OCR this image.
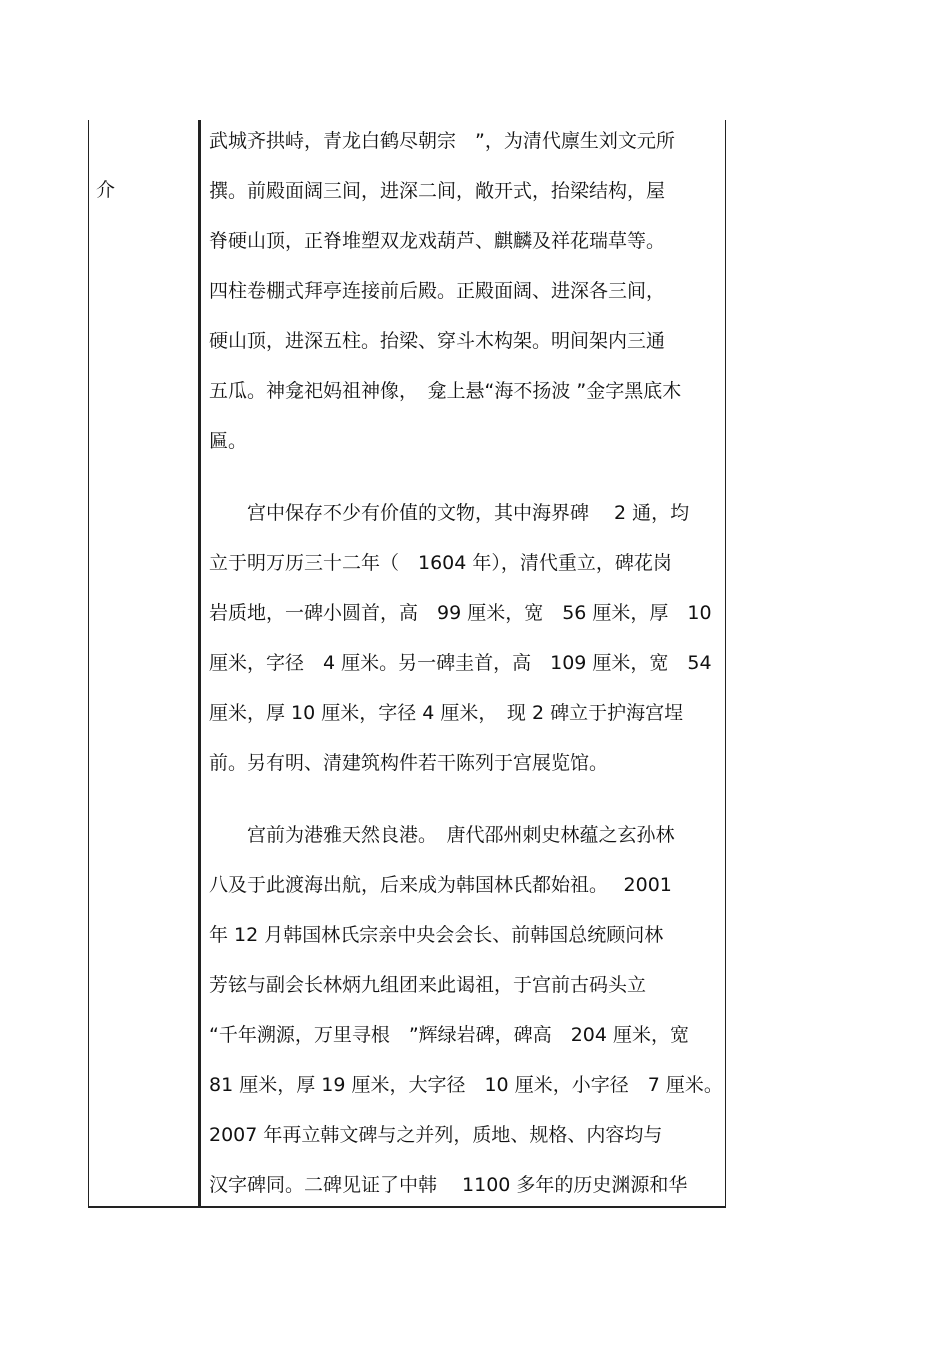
介
武城齐拱峙，青龙白鹤尽朝宗　”，为清代廪生刘文元所
撰。前殿面阔三间，进深二间，敞开式，抬梁结构，屋
脊硬山顶，正脊堆塑双龙戏葫芦、麒麟及祥花瑞草等。
四柱卷棚式拜亭连接前后殿。正殿面阔、进深各三间，
硬山顶，进深五柱。抬梁、穿斗木构架。明间架内三通
五瓜。神龛祀妈祖神像，　龛上悬“海不扬波 ”金字黑底木
匾。
　　宫中保存不少有价值的文物，其中海界碑　 2 通，均
立于明万历三十二年（　1604 年），清代重立，碑花岗
岩质地，一碑小圆首，高　99 厘米，宽　56 厘米，厚　10
厘米，字径　4 厘米。另一碑圭首，高　109 厘米，宽　54
厘米，厚 10 厘米，字径 4 厘米，　现 2 碑立于护海宫埕
前。另有明、清建筑构件若干陈列于宫展览馆。
　　宫前为港雅天然良港。　唐代邵州刺史林蕴之玄孙林
八及于此渡海出航，后来成为韩国林氏都始祖。　 2001
年 12 月韩国林氏宗亲中央会会长、前韩国总统顾问林
芳铉与副会长林炳九组团来此谒祖，于宫前古码头立
“千年溯源，万里寻根　”辉绿岩碑，碑高　204 厘米，宽
81 厘米，厚 19 厘米，大字径　10 厘米，小字径　7 厘米。
2007 年再立韩文碑与之并列，质地、规格、内容均与
汉字碑同。二碑见证了中韩　 1100 多年的历史渊源和华
